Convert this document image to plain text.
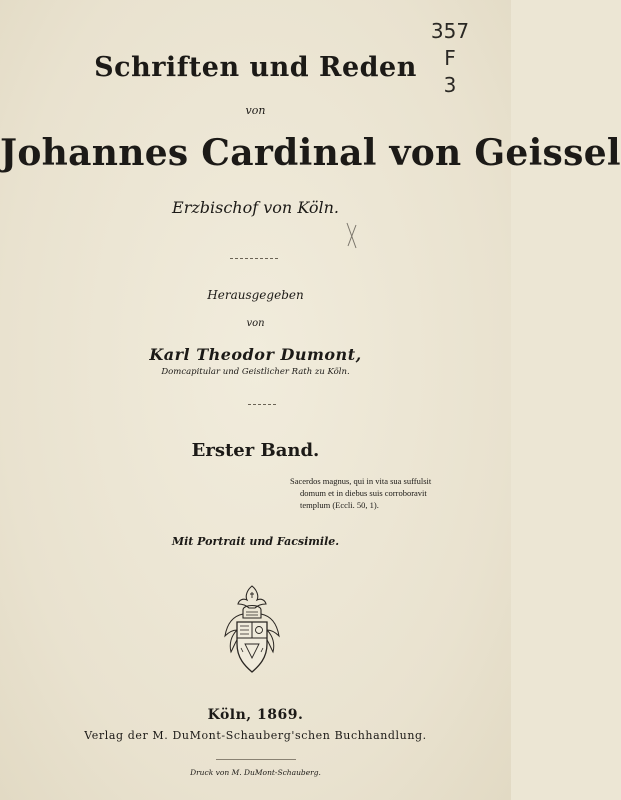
Schriften und Reden
von
Johannes Cardinal von Geissel
Erzbischof von Köln.
Herausgegeben
von
Karl Theodor Dumont,
Domcapitular und Geistlicher Rath zu Köln.
Erster Band.
Sacerdos magnus, qui in vita sua suffulsit
domum et in diebus suis corroboravit
templum (Eccli. 50, 1).
Mit Portrait und Facsimile.
Köln, 1869.
Verlag der M. DuMont-Schauberg'schen Buchhandlung.
Druck von M. DuMont-Schauberg.
357
F
3
